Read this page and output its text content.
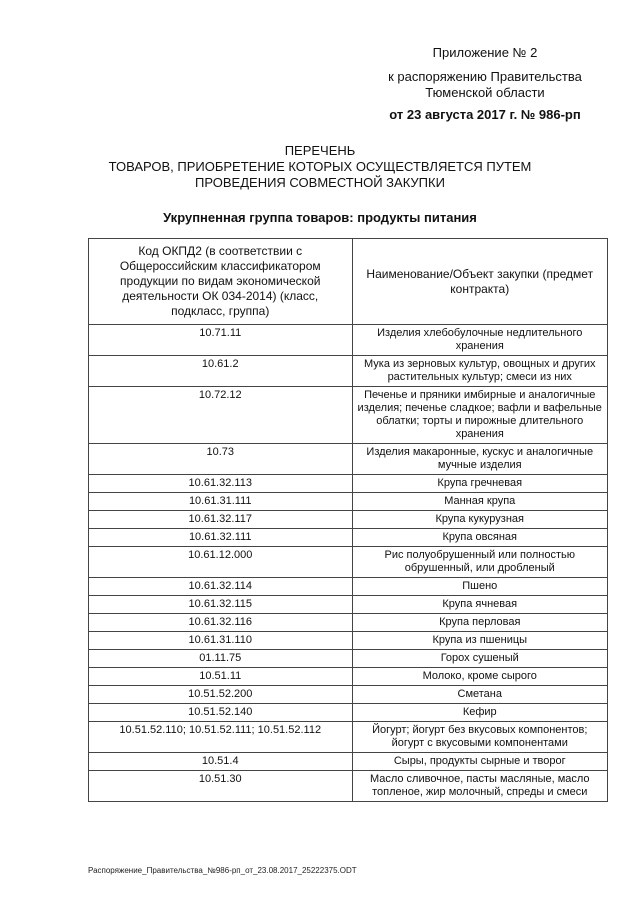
Приложение № 2
к распоряжению Правительства
Тюменской области
от 23 августа 2017 г. № 986-рп
ПЕРЕЧЕНЬ
ТОВАРОВ, ПРИОБРЕТЕНИЕ КОТОРЫХ ОСУЩЕСТВЛЯЕТСЯ ПУТЕМ
ПРОВЕДЕНИЯ СОВМЕСТНОЙ ЗАКУПКИ
Укрупненная группа товаров: продукты питания
Код ОКПД2 (в соответствии с Общероссийским классификатором продукции по видам экономической деятельности ОК 034-2014) (класс, подкласс, группа)	Наименование/Объект закупки (предмет контракта)
10.71.11	Изделия хлебобулочные недлительного хранения
10.61.2	Мука из зерновых культур, овощных и других растительных культур; смеси из них
10.72.12	Печенье и пряники имбирные и аналогичные изделия; печенье сладкое; вафли и вафельные облатки; торты и пирожные длительного хранения
10.73	Изделия макаронные, кускус и аналогичные мучные изделия
10.61.32.113	Крупа гречневая
10.61.31.111	Манная крупа
10.61.32.117	Крупа кукурузная
10.61.32.111	Крупа овсяная
10.61.12.000	Рис полуобрушенный или полностью обрушенный, или дробленый
10.61.32.114	Пшено
10.61.32.115	Крупа ячневая
10.61.32.116	Крупа перловая
10.61.31.110	Крупа из пшеницы
01.11.75	Горох сушеный
10.51.11	Молоко, кроме сырого
10.51.52.200	Сметана
10.51.52.140	Кефир
10.51.52.110; 10.51.52.111; 10.51.52.112	Йогурт; йогурт без вкусовых компонентов; йогурт с вкусовыми компонентами
10.51.4	Сыры, продукты сырные и творог
10.51.30	Масло сливочное, пасты масляные, масло топленое, жир молочный, спреды и смеси
Распоряжение_Правительства_№986-рп_от_23.08.2017_25222375.ODT
